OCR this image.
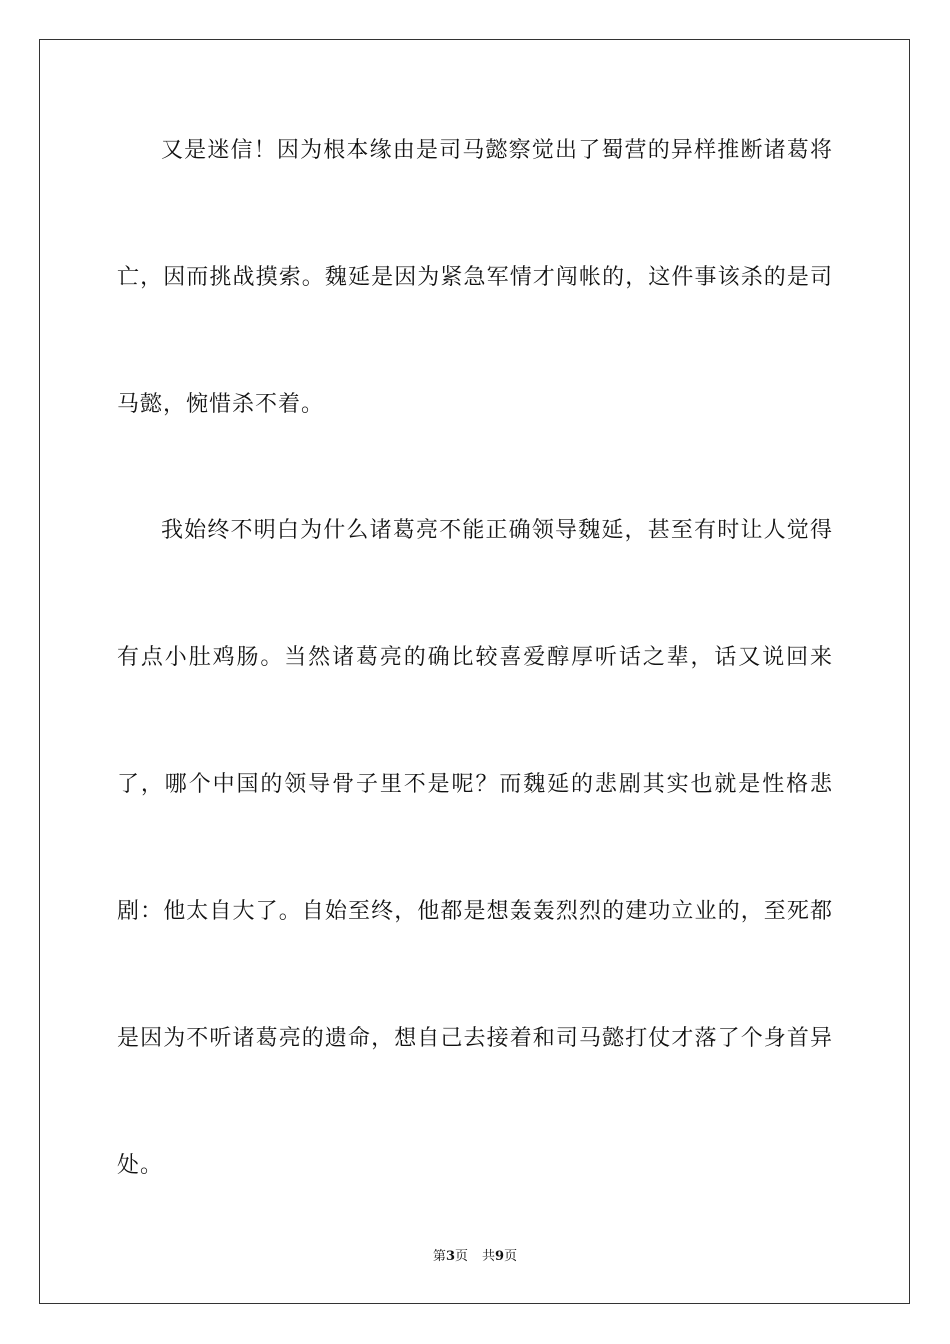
又是迷信！因为根本缘由是司马懿察觉出了蜀营的异样推断诸葛将亡，因而挑战摸索。魏延是因为紧急军情才闯帐的，这件事该杀的是司马懿，惋惜杀不着。

我始终不明白为什么诸葛亮不能正确领导魏延，甚至有时让人觉得有点小肚鸡肠。当然诸葛亮的确比较喜爱醇厚听话之辈，话又说回来了，哪个中国的领导骨子里不是呢？而魏延的悲剧其实也就是性格悲剧：他太自大了。自始至终，他都是想轰轰烈烈的建功立业的，至死都是因为不听诸葛亮的遗命，想自己去接着和司马懿打仗才落了个身首异处。

第3页 共9页
